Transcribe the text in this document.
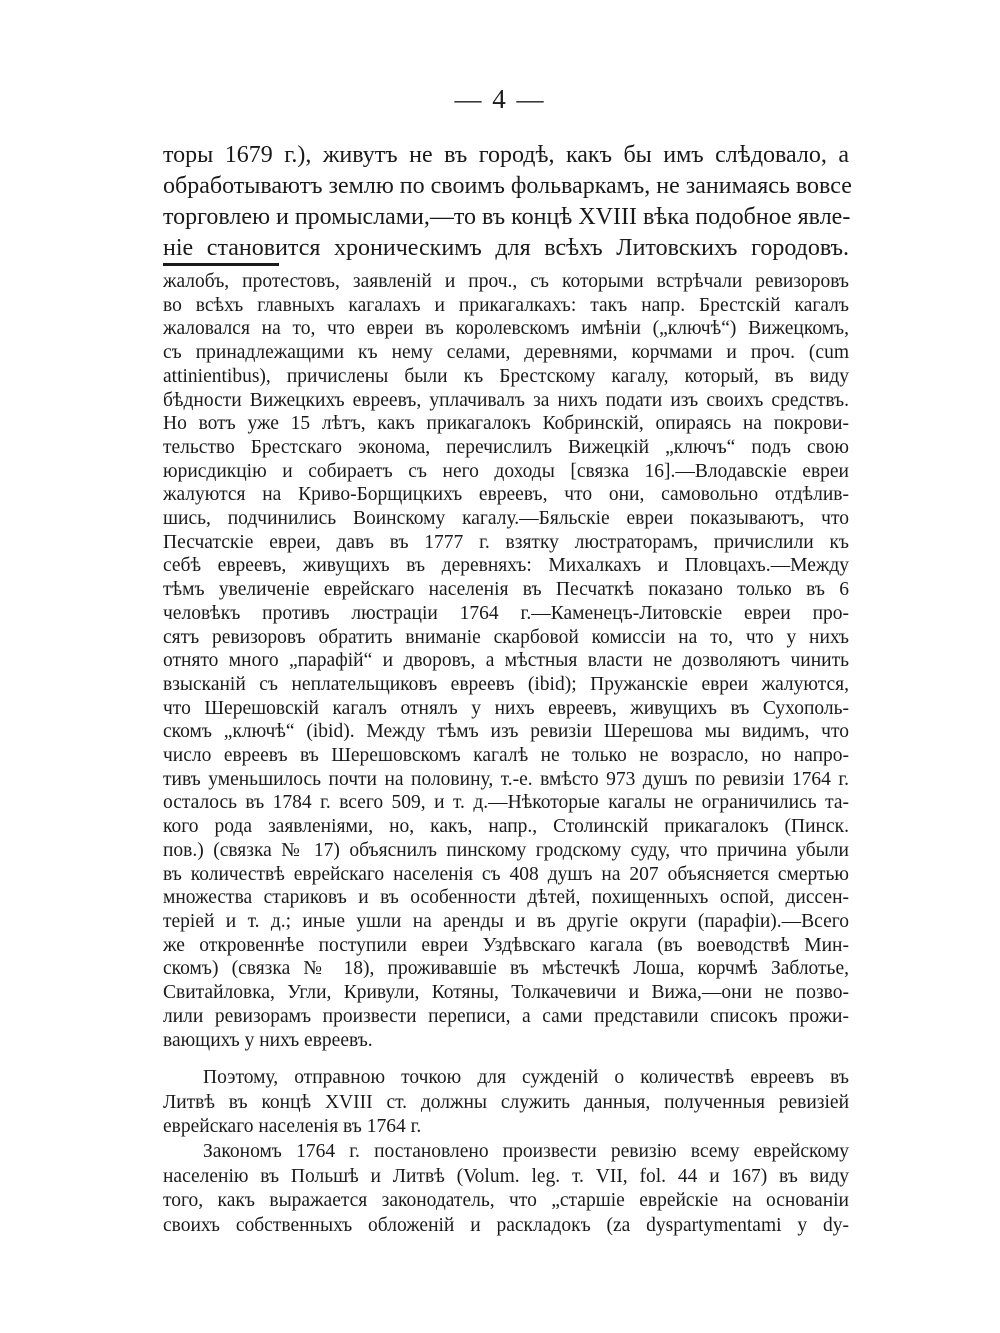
— 4 —
торы 1679 г.), живутъ не въ городѣ, какъ бы имъ слѣдовало, а
обработываютъ землю по своимъ фольваркамъ, не занимаясь вовсе
торговлею и промыслами,—то въ концѣ XVIII вѣка подобное явле-
ніе становится хроническимъ для всѣхъ Литовскихъ городовъ.
жалобъ, протестовъ, заявленій и проч., съ которыми встрѣчали ревизоровъ
во всѣхъ главныхъ кагалахъ и прикагалкахъ: такъ напр. Брестскій кагалъ
жаловался на то, что евреи въ королевскомъ имѣніи („ключѣ“) Вижецкомъ,
съ принадлежащими къ нему селами, деревнями, корчмами и проч. (cum
attinientibus), причислены были къ Брестскому кагалу, который, въ виду
бѣдности Вижецкихъ евреевъ, уплачивалъ за нихъ подати изъ своихъ средствъ.
Но вотъ уже 15 лѣтъ, какъ прикагалокъ Кобринскій, опираясь на покрови-
тельство Брестскаго эконома, перечислилъ Вижецкій „ключъ“ подъ свою
юрисдикцію и собираетъ съ него доходы [связка 16].—Влодавскіе евреи
жалуются на Криво-Борщицкихъ евреевъ, что они, самовольно отдѣлив-
шись, подчинились Воинскому кагалу.—Бяльскіе евреи показываютъ, что
Песчатскіе евреи, давъ въ 1777 г. взятку люстраторамъ, причислили къ
себѣ евреевъ, живущихъ въ деревняхъ: Михалкахъ и Пловцахъ.—Между
тѣмъ увеличеніе еврейскаго населенія въ Песчаткѣ показано только въ 6
человѣкъ противъ люстраціи 1764 г.—Каменецъ-Литовскіе евреи про-
сятъ ревизоровъ обратить вниманіе скарбовой комиссіи на то, что у нихъ
отнято много „парафій“ и дворовъ, а мѣстныя власти не дозволяютъ чинить
взысканій съ неплательщиковъ евреевъ (ibid); Пружанскіе евреи жалуются,
что Шерешовскій кагалъ отнялъ у нихъ евреевъ, живущихъ въ Сухополь-
скомъ „ключѣ“ (ibid). Между тѣмъ изъ ревизіи Шерешова мы видимъ, что
число евреевъ въ Шерешовскомъ кагалѣ не только не возрасло, но напро-
тивъ уменьшилось почти на половину, т.-е. вмѣсто 973 душъ по ревизіи 1764 г.
осталось въ 1784 г. всего 509, и т. д.—Нѣкоторые кагалы не ограничились та-
кого рода заявленіями, но, какъ, напр., Столинскій прикагалокъ (Пинск.
пов.) (связка № 17) объяснилъ пинскому гродскому суду, что причина убыли
въ количествѣ еврейскаго населенія съ 408 душъ на 207 объясняется смертью
множества стариковъ и въ особенности дѣтей, похищенныхъ оспой, диссен-
теріей и т. д.; иные ушли на аренды и въ другіе округи (парафіи).—Всего
же откровеннѣе поступили евреи Уздѣвскаго кагала (въ воеводствѣ Мин-
скомъ) (связка № 18), проживавшіе въ мѣстечкѣ Лоша, корчмѣ Заблотье,
Свитайловка, Угли, Кривули, Котяны, Толкачевичи и Вижа,—они не позво-
лили ревизорамъ произвести переписи, а сами представили списокъ прожи-
вающихъ у нихъ евреевъ.
Поэтому, отправною точкою для сужденій о количествѣ евреевъ въ
Литвѣ въ концѣ XVIII ст. должны служить данныя, полученныя ревизіей
еврейскаго населенія въ 1764 г.
Закономъ 1764 г. постановлено произвести ревизію всему еврейскому
населенію въ Польшѣ и Литвѣ (Volum. leg. т. VII, fol. 44 и 167) въ виду
того, какъ выражается законодатель, что „старшіе еврейскіе на основаніи
своихъ собственныхъ обложеній и раскладокъ (za dyspartymentami y dy-
